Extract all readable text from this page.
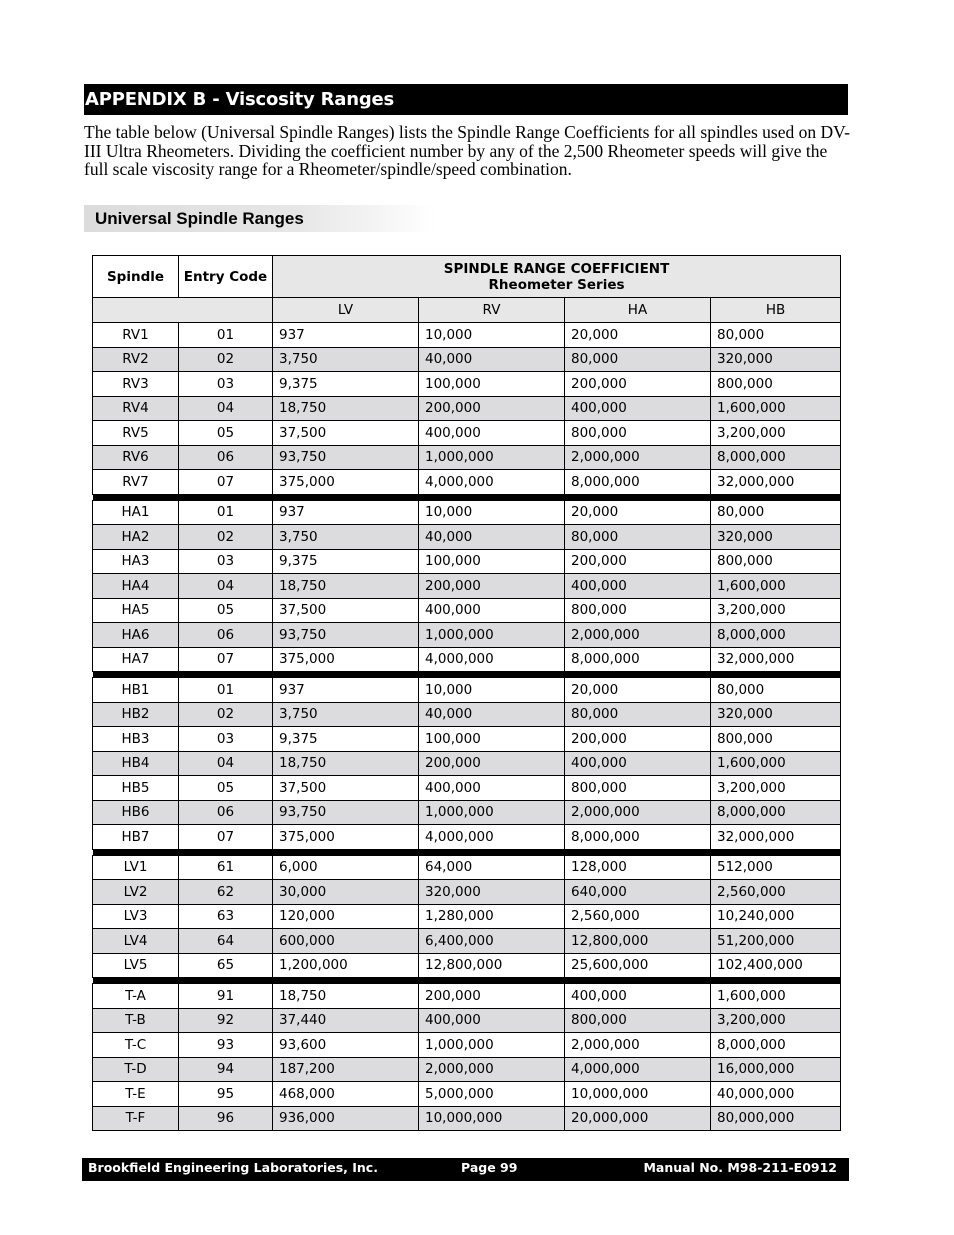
APPENDIX B - Viscosity Ranges

The table below (Universal Spindle Ranges) lists the Spindle Range Coefficients for all spindles used on DV-III Ultra Rheometers. Dividing the coefficient number by any of the 2,500 Rheometer speeds will give the full scale viscosity range for a Rheometer/spindle/speed combination.

Universal Spindle Ranges
Spindle	Entry Code	SPINDLE RANGE COEFFICIENT
Rheometer Series			

		LV	RV	HA	HB
RV1	01	937	10,000	20,000	80,000
RV2	02	3,750	40,000	80,000	320,000
RV3	03	9,375	100,000	200,000	800,000
RV4	04	18,750	200,000	400,000	1,600,000
RV5	05	37,500	400,000	800,000	3,200,000
RV6	06	93,750	1,000,000	2,000,000	8,000,000
RV7	07	375,000	4,000,000	8,000,000	32,000,000

HA1	01	937	10,000	20,000	80,000
HA2	02	3,750	40,000	80,000	320,000
HA3	03	9,375	100,000	200,000	800,000
HA4	04	18,750	200,000	400,000	1,600,000
HA5	05	37,500	400,000	800,000	3,200,000
HA6	06	93,750	1,000,000	2,000,000	8,000,000
HA7	07	375,000	4,000,000	8,000,000	32,000,000

HB1	01	937	10,000	20,000	80,000
HB2	02	3,750	40,000	80,000	320,000
HB3	03	9,375	100,000	200,000	800,000
HB4	04	18,750	200,000	400,000	1,600,000
HB5	05	37,500	400,000	800,000	3,200,000
HB6	06	93,750	1,000,000	2,000,000	8,000,000
HB7	07	375,000	4,000,000	8,000,000	32,000,000

LV1	61	6,000	64,000	128,000	512,000
LV2	62	30,000	320,000	640,000	2,560,000
LV3	63	120,000	1,280,000	2,560,000	10,240,000
LV4	64	600,000	6,400,000	12,800,000	51,200,000
LV5	65	1,200,000	12,800,000	25,600,000	102,400,000

T-A	91	18,750	200,000	400,000	1,600,000
T-B	92	37,440	400,000	800,000	3,200,000
T-C	93	93,600	1,000,000	2,000,000	8,000,000
T-D	94	187,200	2,000,000	4,000,000	16,000,000
T-E	95	468,000	5,000,000	10,000,000	40,000,000
T-F	96	936,000	10,000,000	20,000,000	80,000,000
Brookfield Engineering Laboratories, Inc.	Page 99	Manual No. M98-211-E0912
